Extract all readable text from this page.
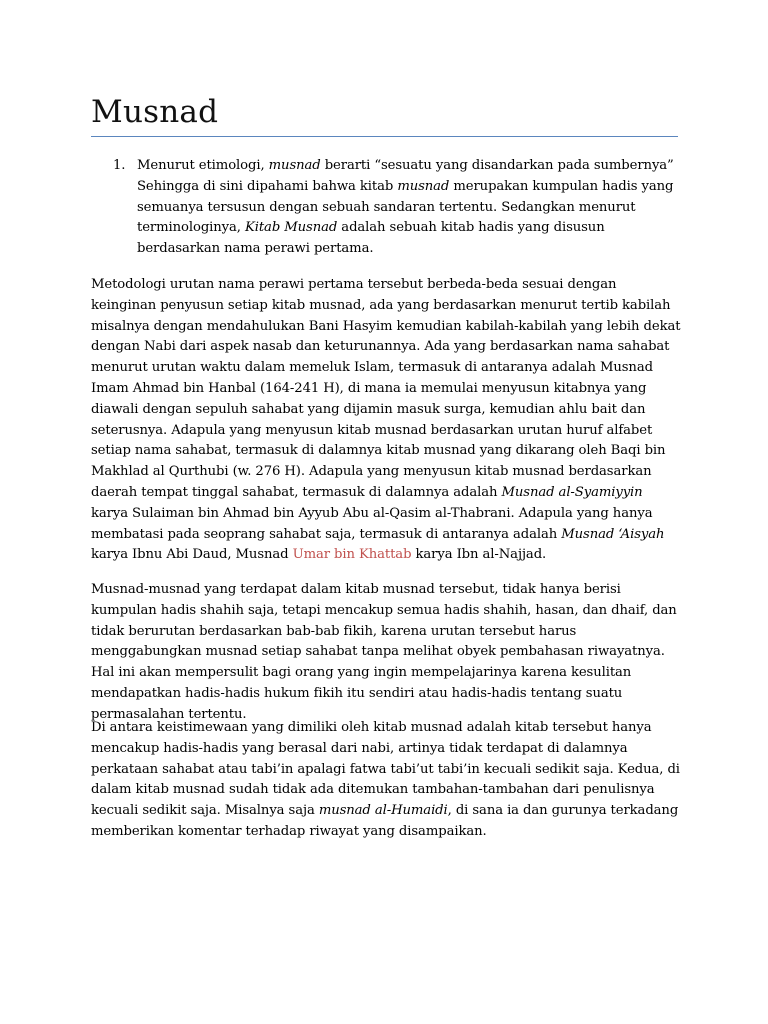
Musnad
1. Menurut etimologi, musnad berarti “sesuatu yang disandarkan pada sumbernya” Sehingga di sini dipahami bahwa kitab musnad merupakan kumpulan hadis yang semuanya tersusun dengan sebuah sandaran tertentu. Sedangkan menurut terminologinya, Kitab Musnad adalah sebuah kitab hadis yang disusun berdasarkan nama perawi pertama.

Metodologi urutan nama perawi pertama tersebut berbeda-beda sesuai dengan keinginan penyusun setiap kitab musnad, ada yang berdasarkan menurut tertib kabilah misalnya dengan mendahulukan Bani Hasyim kemudian kabilah-kabilah yang lebih dekat dengan Nabi dari aspek nasab dan keturunannya. Ada yang berdasarkan nama sahabat menurut urutan waktu dalam memeluk Islam, termasuk di antaranya adalah Musnad Imam Ahmad bin Hanbal (164-241 H), di mana ia memulai menyusun kitabnya yang diawali dengan sepuluh sahabat yang dijamin masuk surga, kemudian ahlu bait dan seterusnya. Adapula yang menyusun kitab musnad berdasarkan urutan huruf alfabet setiap nama sahabat, termasuk di dalamnya kitab musnad yang dikarang oleh Baqi bin Makhlad al Qurthubi (w. 276 H). Adapula yang menyusun kitab musnad berdasarkan daerah tempat tinggal sahabat, termasuk di dalamnya adalah Musnad al-Syamiyyin karya Sulaiman bin Ahmad bin Ayyub Abu al-Qasim al-Thabrani. Adapula yang hanya membatasi pada seoprang sahabat saja, termasuk di antaranya adalah Musnad ‘Aisyah karya Ibnu Abi Daud, Musnad Umar bin Khattab karya Ibn al-Najjad.

Musnad-musnad yang terdapat dalam kitab musnad tersebut, tidak hanya berisi kumpulan hadis shahih saja, tetapi mencakup semua hadis shahih, hasan, dan dhaif, dan tidak berurutan berdasarkan bab-bab fikih, karena urutan tersebut harus menggabungkan musnad setiap sahabat tanpa melihat obyek pembahasan riwayatnya. Hal ini akan mempersulit bagi orang yang ingin mempelajarinya karena kesulitan mendapatkan hadis-hadis hukum fikih itu sendiri atau hadis-hadis tentang suatu permasalahan tertentu.

Di antara keistimewaan yang dimiliki oleh kitab musnad adalah kitab tersebut hanya mencakup hadis-hadis yang berasal dari nabi, artinya tidak terdapat di dalamnya perkataan sahabat atau tabi’in apalagi fatwa tabi’ut tabi’in kecuali sedikit saja. Kedua, di dalam kitab musnad sudah tidak ada ditemukan tambahan-tambahan dari penulisnya kecuali sedikit saja. Misalnya saja musnad al-Humaidi, di sana ia dan gurunya terkadang memberikan komentar terhadap riwayat yang disampaikan.
